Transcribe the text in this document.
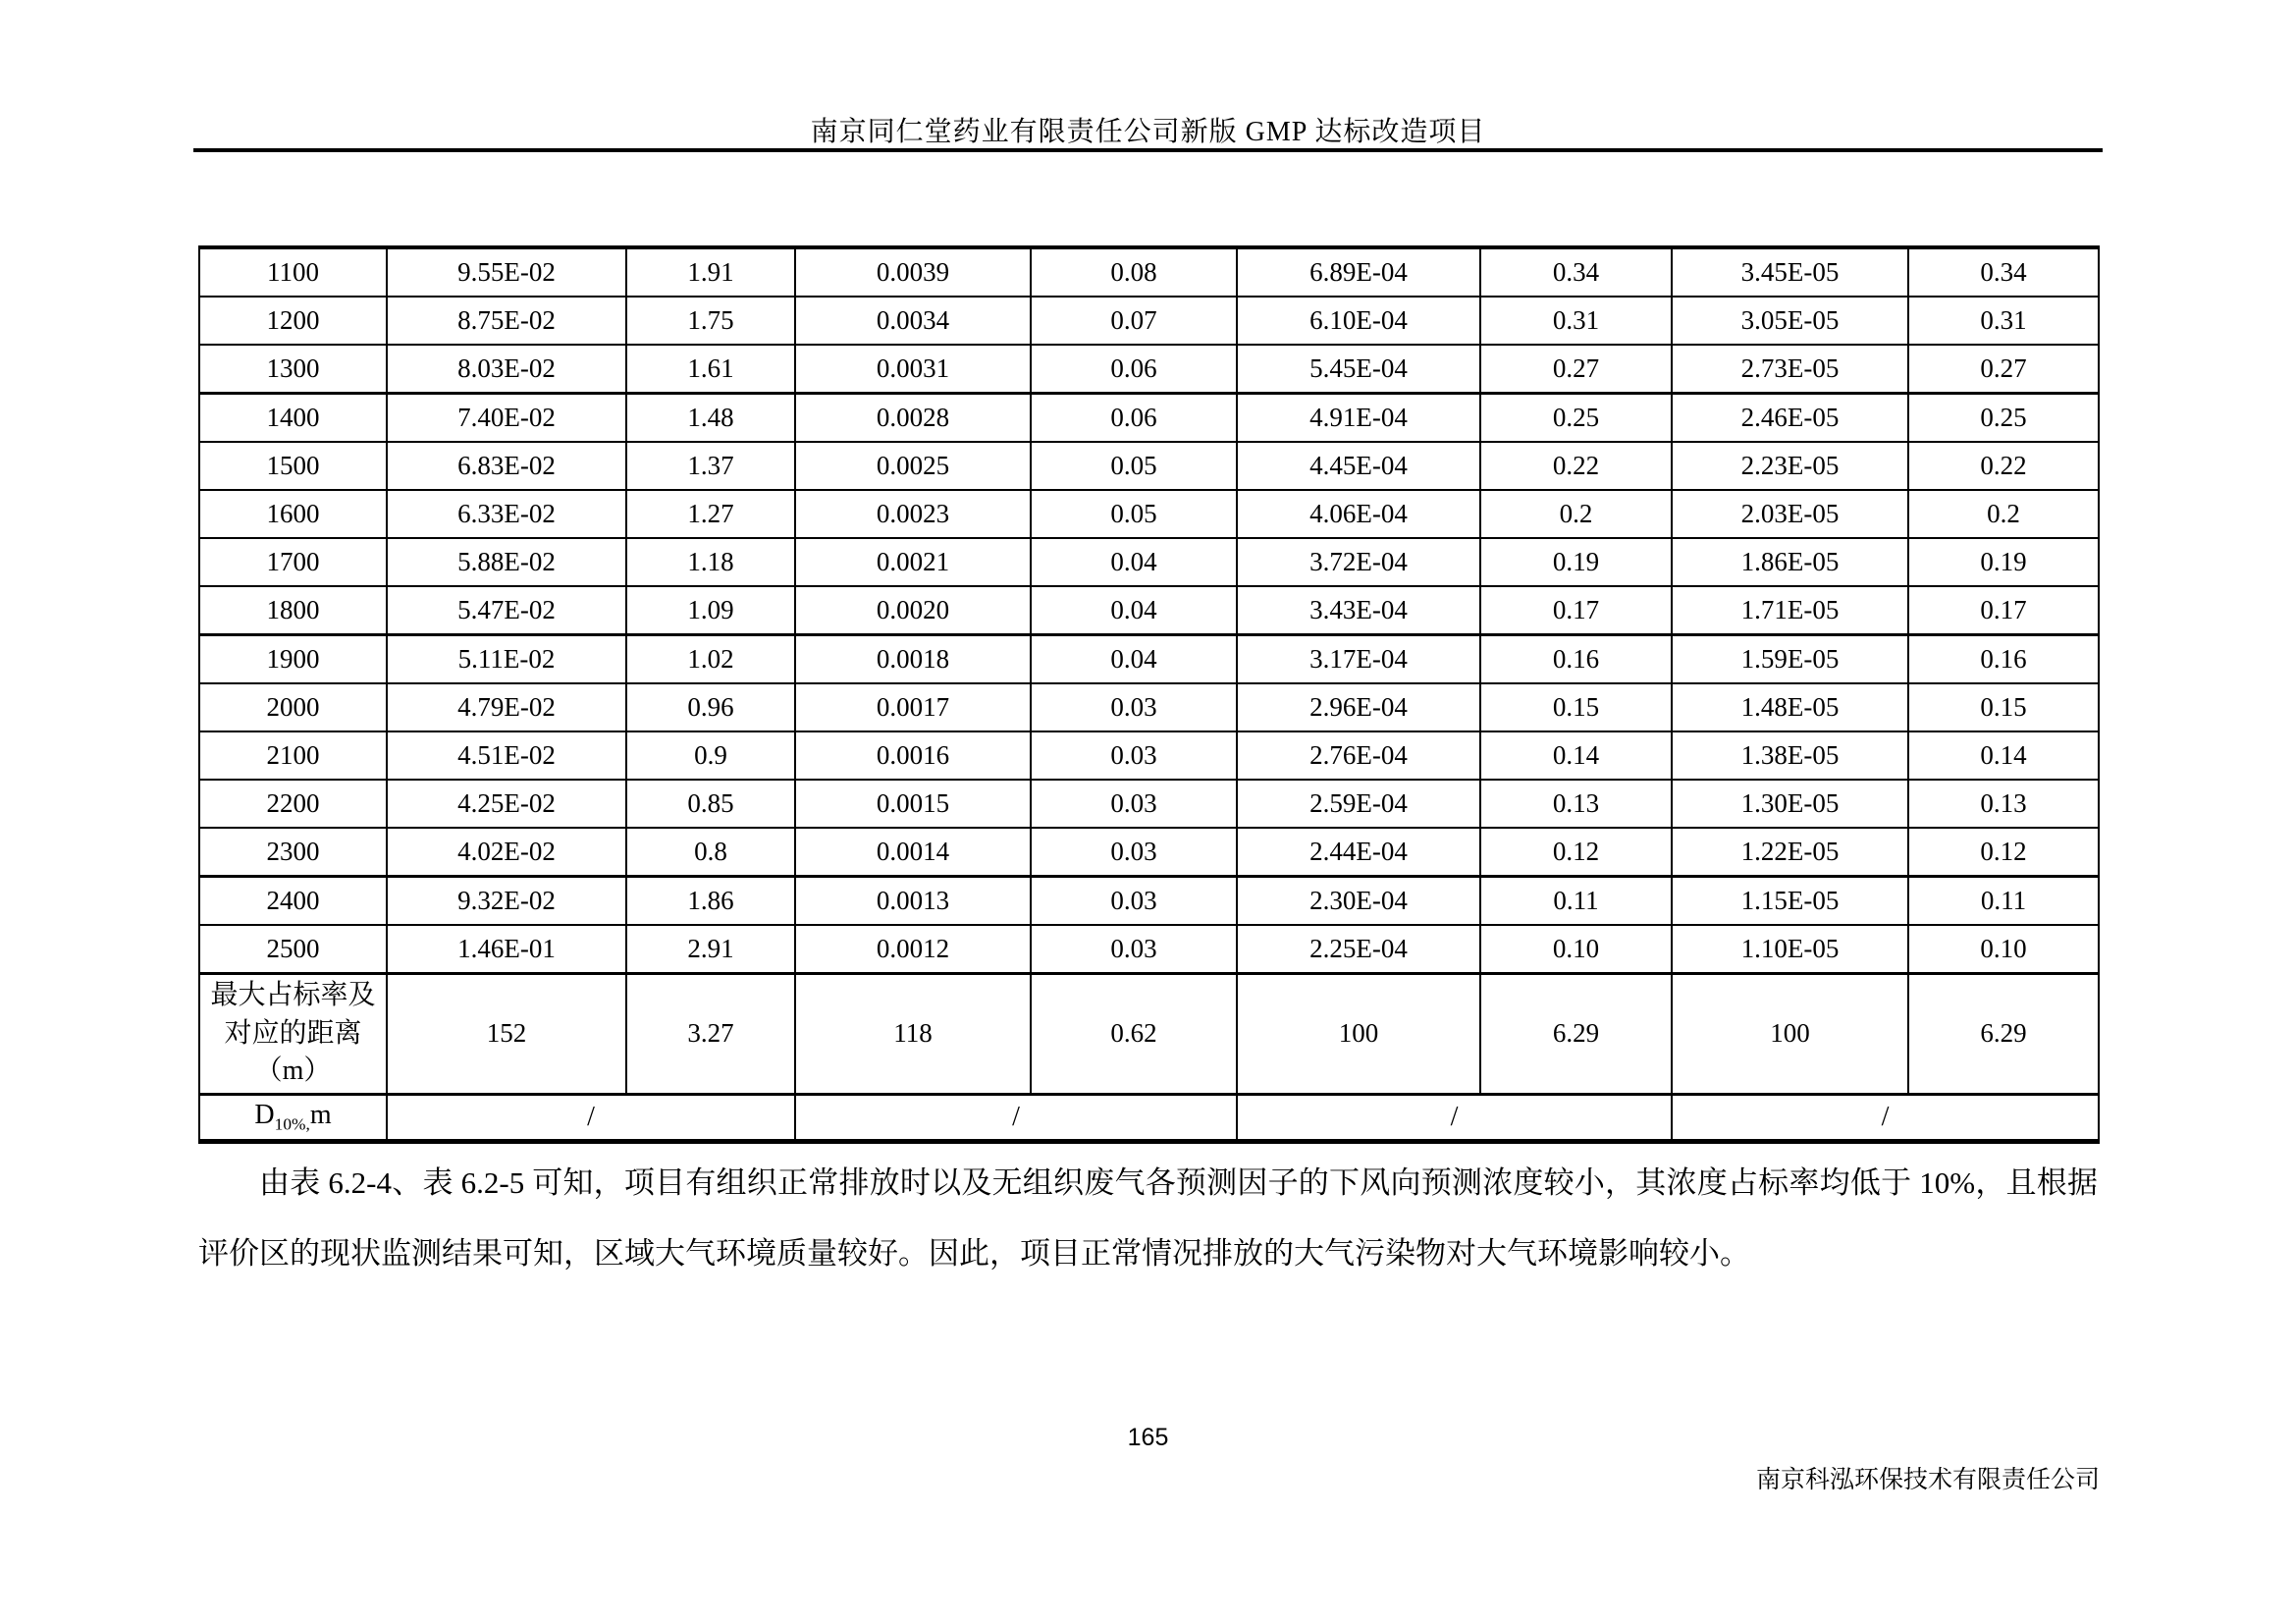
南京同仁堂药业有限责任公司新版 GMP 达标改造项目
1100	9.55E-02	1.91	0.0039	0.08	6.89E-04	0.34	3.45E-05	0.34
1200	8.75E-02	1.75	0.0034	0.07	6.10E-04	0.31	3.05E-05	0.31
1300	8.03E-02	1.61	0.0031	0.06	5.45E-04	0.27	2.73E-05	0.27
1400	7.40E-02	1.48	0.0028	0.06	4.91E-04	0.25	2.46E-05	0.25
1500	6.83E-02	1.37	0.0025	0.05	4.45E-04	0.22	2.23E-05	0.22
1600	6.33E-02	1.27	0.0023	0.05	4.06E-04	0.2	2.03E-05	0.2
1700	5.88E-02	1.18	0.0021	0.04	3.72E-04	0.19	1.86E-05	0.19
1800	5.47E-02	1.09	0.0020	0.04	3.43E-04	0.17	1.71E-05	0.17
1900	5.11E-02	1.02	0.0018	0.04	3.17E-04	0.16	1.59E-05	0.16
2000	4.79E-02	0.96	0.0017	0.03	2.96E-04	0.15	1.48E-05	0.15
2100	4.51E-02	0.9	0.0016	0.03	2.76E-04	0.14	1.38E-05	0.14
2200	4.25E-02	0.85	0.0015	0.03	2.59E-04	0.13	1.30E-05	0.13
2300	4.02E-02	0.8	0.0014	0.03	2.44E-04	0.12	1.22E-05	0.12
2400	9.32E-02	1.86	0.0013	0.03	2.30E-04	0.11	1.15E-05	0.11
2500	1.46E-01	2.91	0.0012	0.03	2.25E-04	0.10	1.10E-05	0.10
最大占标率及对应的距离（m）	152	3.27	118	0.62	100	6.29	100	6.29
$D_{10\%,}m$	/		/		/		/	

由表 6.2-4、表 6.2-5 可知，项目有组织正常排放时以及无组织废气各预测因子的下风向预测浓度较小，其浓度占标率均低于 10%，且根据评价区的现状监测结果可知，区域大气环境质量较好。因此，项目正常情况排放的大气污染物对大气环境影响较小。

165
南京科泓环保技术有限责任公司
